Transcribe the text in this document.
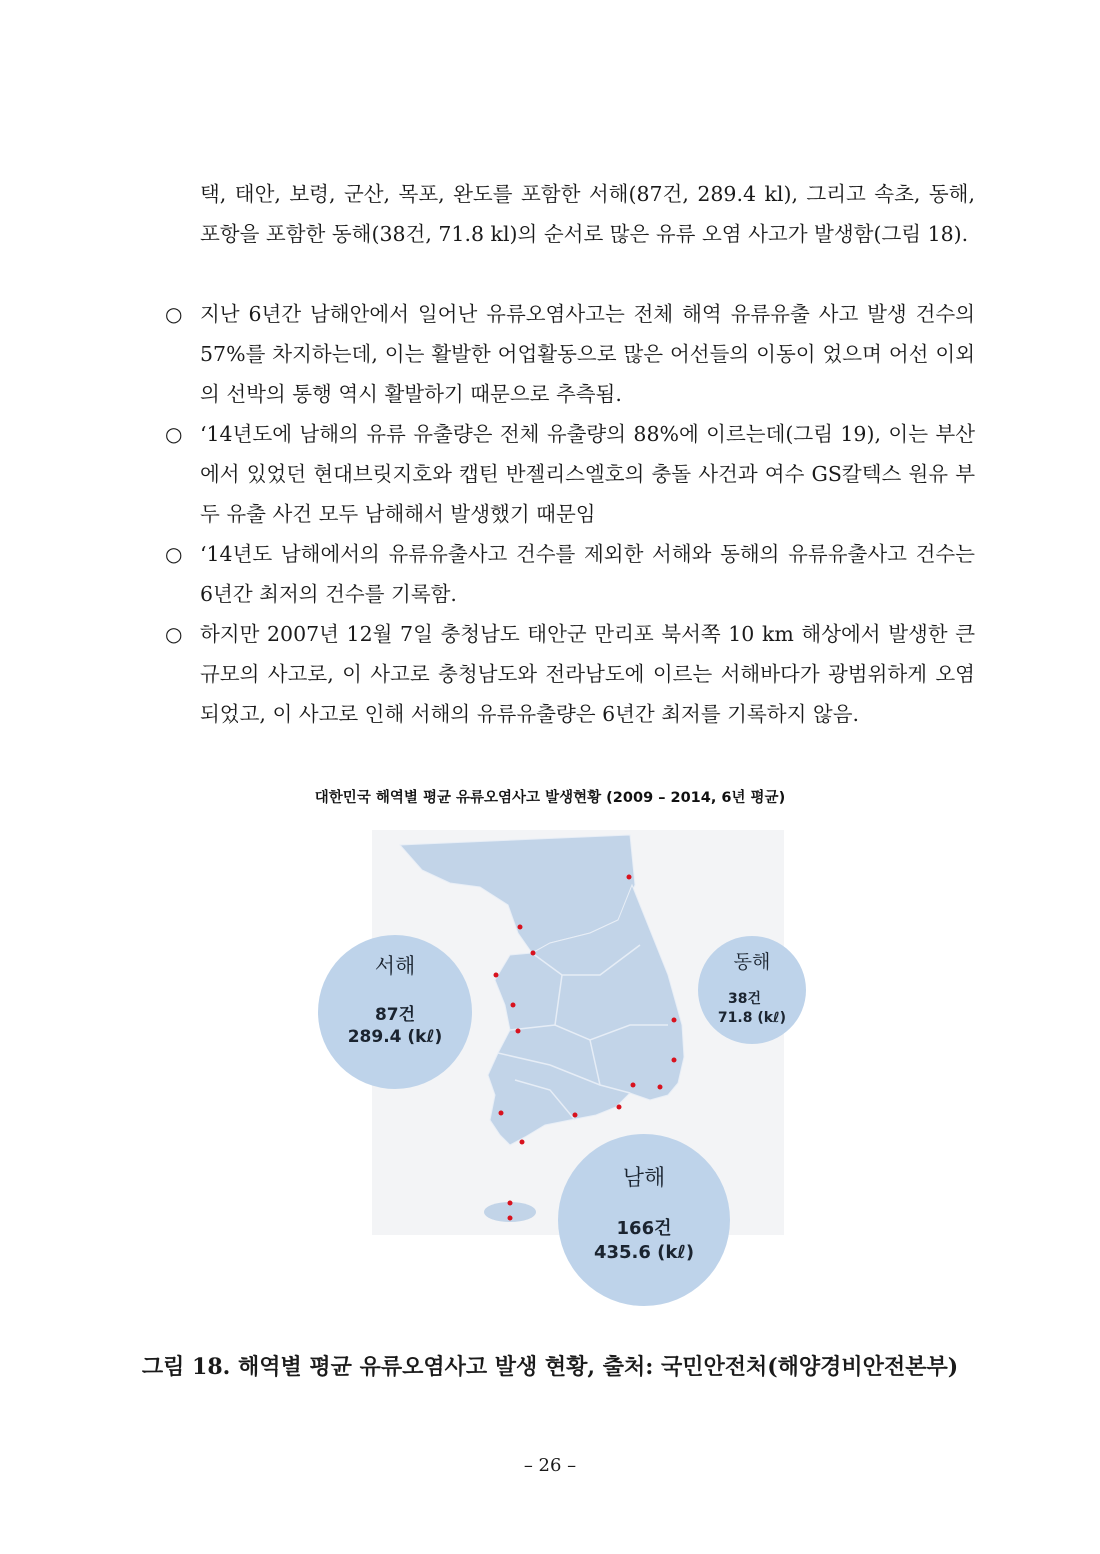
택, 태안, 보령, 군산, 목포, 완도를 포함한 서해(87건, 289.4 kl), 그리고 속초, 동해, 포항을 포함한 동해(38건, 71.8 kl)의 순서로 많은 유류 오염 사고가 발생함(그림 18).

○ 지난 6년간 남해안에서 일어난 유류오염사고는 전체 해역 유류유출 사고 발생 건수의 57%를 차지하는데, 이는 활발한 어업활동으로 많은 어선들의 이동이 었으며 어선 이외의 선박의 통행 역시 활발하기 때문으로 추측됨.
○ ‘14년도에 남해의 유류 유출량은 전체 유출량의 88%에 이르는데(그림 19), 이는 부산에서 있었던 현대브릿지호와 캡틴 반젤리스엘호의 충돌 사건과 여수 GS칼텍스 원유 부두 유출 사건 모두 남해해서 발생했기 때문임
○ ‘14년도 남해에서의 유류유출사고 건수를 제외한 서해와 동해의 유류유출사고 건수는 6년간 최저의 건수를 기록함.
○ 하지만 2007년 12월 7일 충청남도 태안군 만리포 북서쪽 10 km 해상에서 발생한 큰 규모의 사고로, 이 사고로 충청남도와 전라남도에 이르는 서해바다가 광범위하게 오염되었고, 이 사고로 인해 서해의 유류유출량은 6년간 최저를 기록하지 않음.
대한민국 해역별 평균 유류오염사고 발생현황 (2009 – 2014, 6년 평균)
서해
87건
289.4 (kℓ)
동해
38건
71.8 (kℓ)
남해
166건
435.6 (kℓ)
그림 18. 해역별 평균 유류오염사고 발생 현황, 출처: 국민안전처(해양경비안전본부)
– 26 –
